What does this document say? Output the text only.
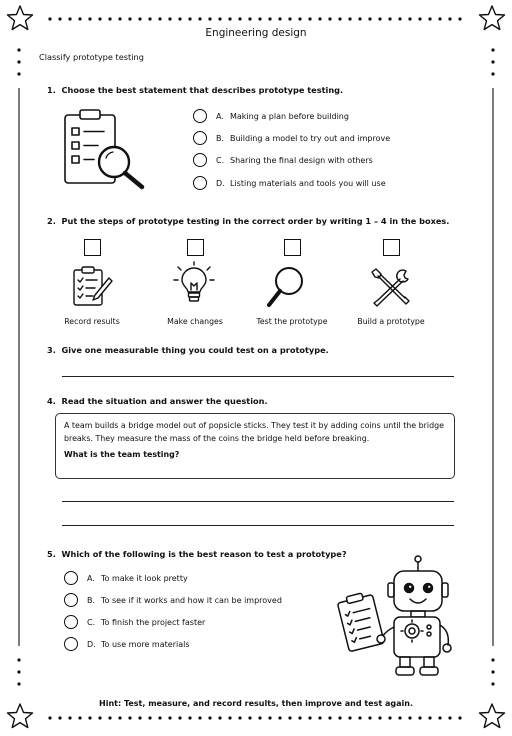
Engineering design
Classify prototype testing
1. Choose the best statement that describes prototype testing.
A. Making a plan before building
B. Building a model to try out and improve
C. Sharing the final design with others
D. Listing materials and tools you will use
2. Put the steps of prototype testing in the correct order by writing 1 – 4 in the boxes.
Record results	Make changes	Test the prototype	Build a prototype
3. Give one measurable thing you could test on a prototype.
4. Read the situation and answer the question.
A team builds a bridge model out of popsicle sticks. They test it by adding coins until the bridge breaks. They measure the mass of the coins the bridge held before breaking.
What is the team testing?
5. Which of the following is the best reason to test a prototype?
A. To make it look pretty
B. To see if it works and how it can be improved
C. To finish the project faster
D. To use more materials
Hint: Test, measure, and record results, then improve and test again.
